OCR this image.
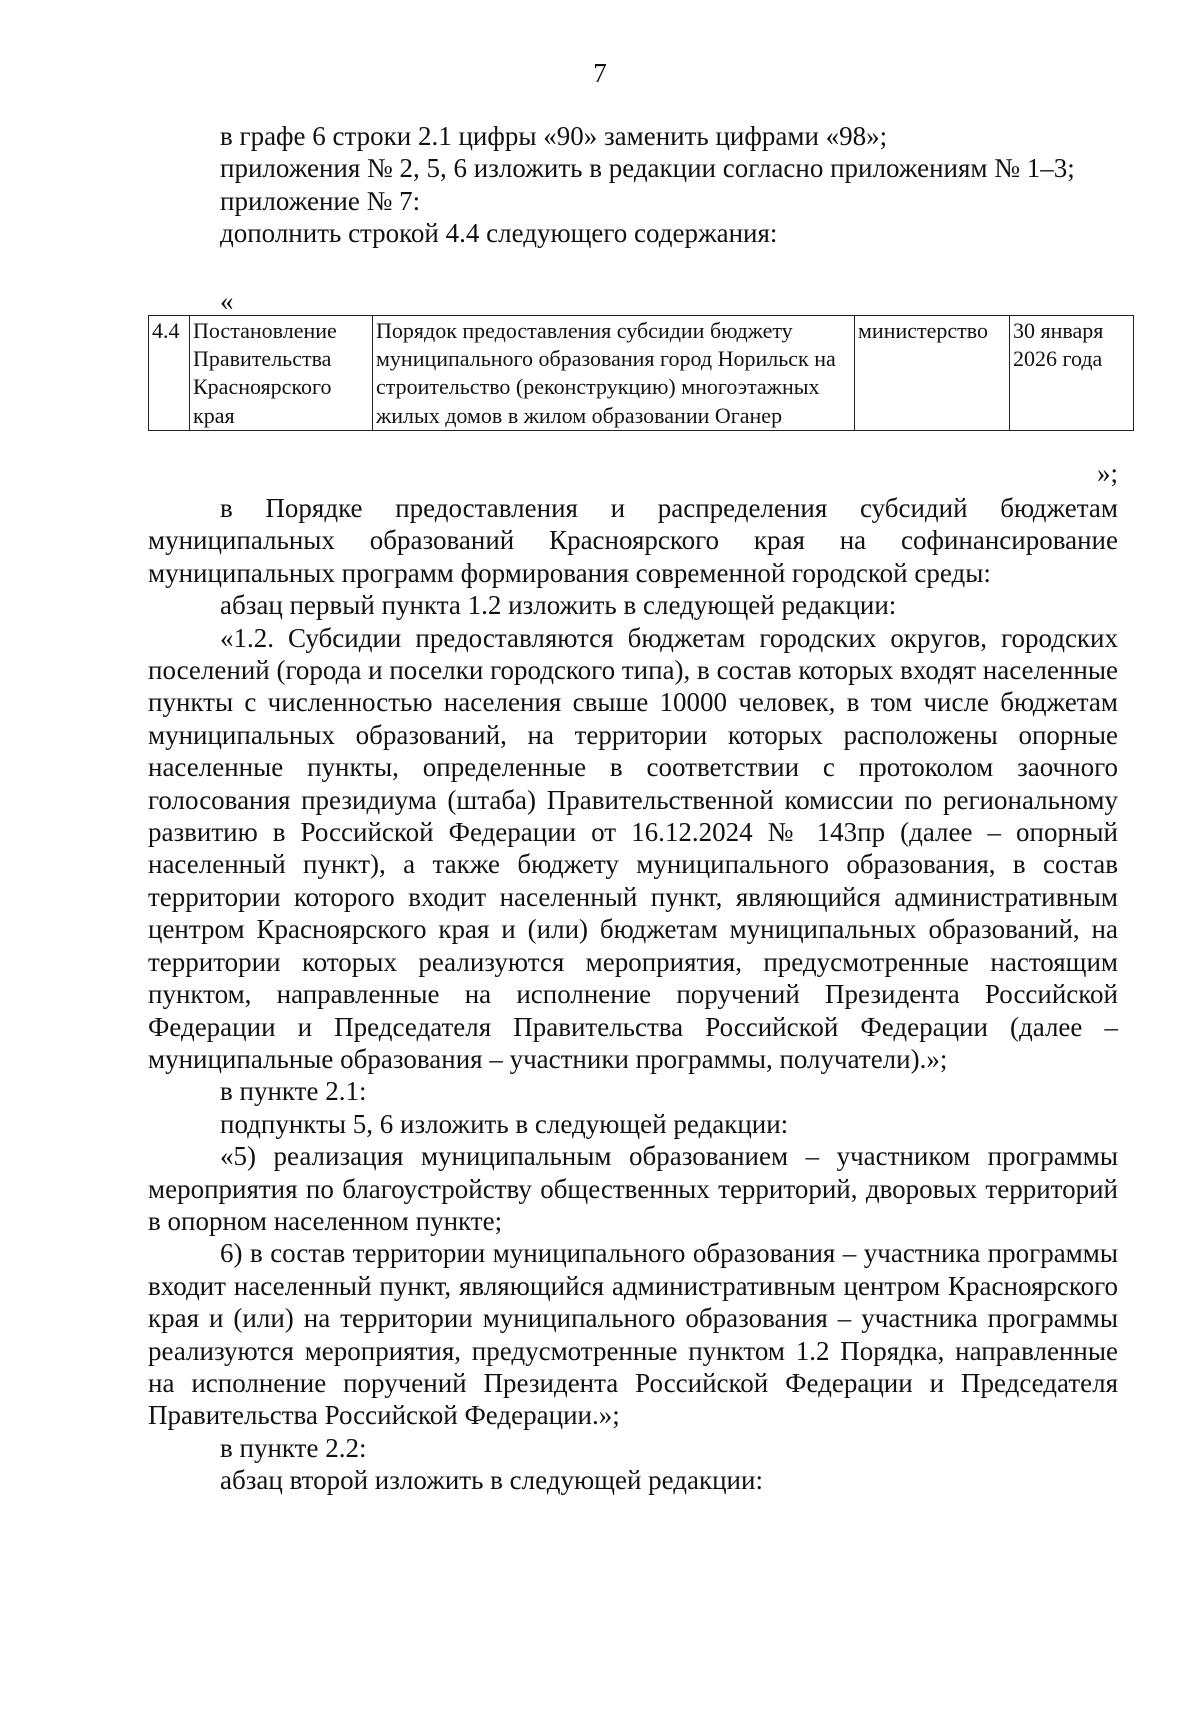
7

в графе 6 строки 2.1 цифры «90» заменить цифрами «98»;

приложения № 2, 5, 6 изложить в редакции согласно приложениям № 1–3;

приложение № 7:

дополнить строкой 4.4 следующего содержания:

«
4.4	Постановление Правительства Красноярского края	Порядок предоставления субсидии бюджету муниципального образования город Норильск на строительство (реконструкцию) многоэтажных жилых домов в жилом образовании Оганер	министерство	30 января 2026 года
»;

в Порядке предоставления и распределения субсидий бюджетам муниципальных образований Красноярского края на софинансирование муниципальных программ формирования современной городской среды:

абзац первый пункта 1.2 изложить в следующей редакции:

«1.2. Субсидии предоставляются бюджетам городских округов, городских поселений (города и поселки городского типа), в состав которых входят населенные пункты с численностью населения свыше 10000 человек, в том числе бюджетам муниципальных образований, на территории которых расположены опорные населенные пункты, определенные в соответствии с протоколом заочного голосования президиума (штаба) Правительственной комиссии по региональному развитию в Российской Федерации от 16.12.2024 № 143пр (далее – опорный населенный пункт), а также бюджету муниципального образования, в состав территории которого входит населенный пункт, являющийся административным центром Красноярского края и (или) бюджетам муниципальных образований, на территории которых реализуются мероприятия, предусмотренные настоящим пунктом, направленные на исполнение поручений Президента Российской Федерации и Председателя Правительства Российской Федерации (далее – муниципальные образования – участники программы, получатели).»;

в пункте 2.1:

подпункты 5, 6 изложить в следующей редакции:

«5) реализация муниципальным образованием – участником программы мероприятия по благоустройству общественных территорий, дворовых территорий в опорном населенном пункте;

6) в состав территории муниципального образования – участника программы входит населенный пункт, являющийся административным центром Красноярского края и (или) на территории муниципального образования – участника программы реализуются мероприятия, предусмотренные пунктом 1.2 Порядка, направленные на исполнение поручений Президента Российской Федерации и Председателя Правительства Российской Федерации.»;

в пункте 2.2:

абзац второй изложить в следующей редакции:
